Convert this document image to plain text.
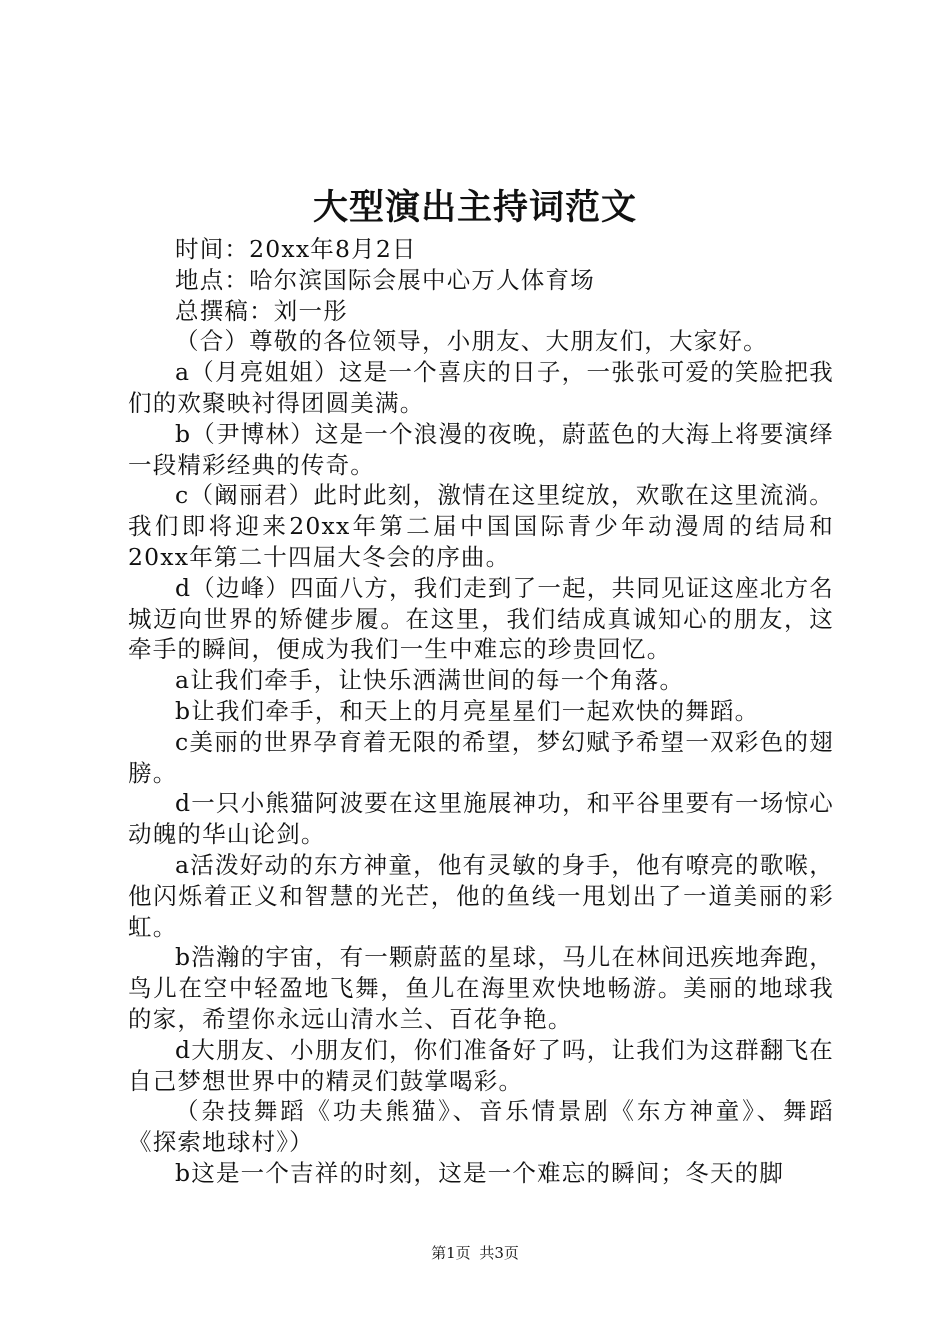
大型演出主持词范文

时间：20xx年8月2日

地点：哈尔滨国际会展中心万人体育场

总撰稿：刘一彤

（合）尊敬的各位领导，小朋友、大朋友们，大家好。

a（月亮姐姐）这是一个喜庆的日子，一张张可爱的笑脸把我们的欢聚映衬得团圆美满。

b（尹博林）这是一个浪漫的夜晚，蔚蓝色的大海上将要演绎一段精彩经典的传奇。

c（阚丽君）此时此刻，激情在这里绽放，欢歌在这里流淌。我们即将迎来20xx年第二届中国国际青少年动漫周的结局和20xx年第二十四届大冬会的序曲。

d（边峰）四面八方，我们走到了一起，共同见证这座北方名城迈向世界的矫健步履。在这里，我们结成真诚知心的朋友，这牵手的瞬间，便成为我们一生中难忘的珍贵回忆。

a让我们牵手，让快乐洒满世间的每一个角落。

b让我们牵手，和天上的月亮星星们一起欢快的舞蹈。

c美丽的世界孕育着无限的希望，梦幻赋予希望一双彩色的翅膀。

d一只小熊猫阿波要在这里施展神功，和平谷里要有一场惊心动魄的华山论剑。

a活泼好动的东方神童，他有灵敏的身手，他有嘹亮的歌喉，他闪烁着正义和智慧的光芒，他的鱼线一甩划出了一道美丽的彩虹。

b浩瀚的宇宙，有一颗蔚蓝的星球，马儿在林间迅疾地奔跑，鸟儿在空中轻盈地飞舞，鱼儿在海里欢快地畅游。美丽的地球我的家，希望你永远山清水兰、百花争艳。

d大朋友、小朋友们，你们准备好了吗，让我们为这群翻飞在自己梦想世界中的精灵们鼓掌喝彩。

（杂技舞蹈《功夫熊猫》、音乐情景剧《东方神童》、舞蹈《探索地球村》）

b这是一个吉祥的时刻，这是一个难忘的瞬间；冬天的脚

第1页 共3页
